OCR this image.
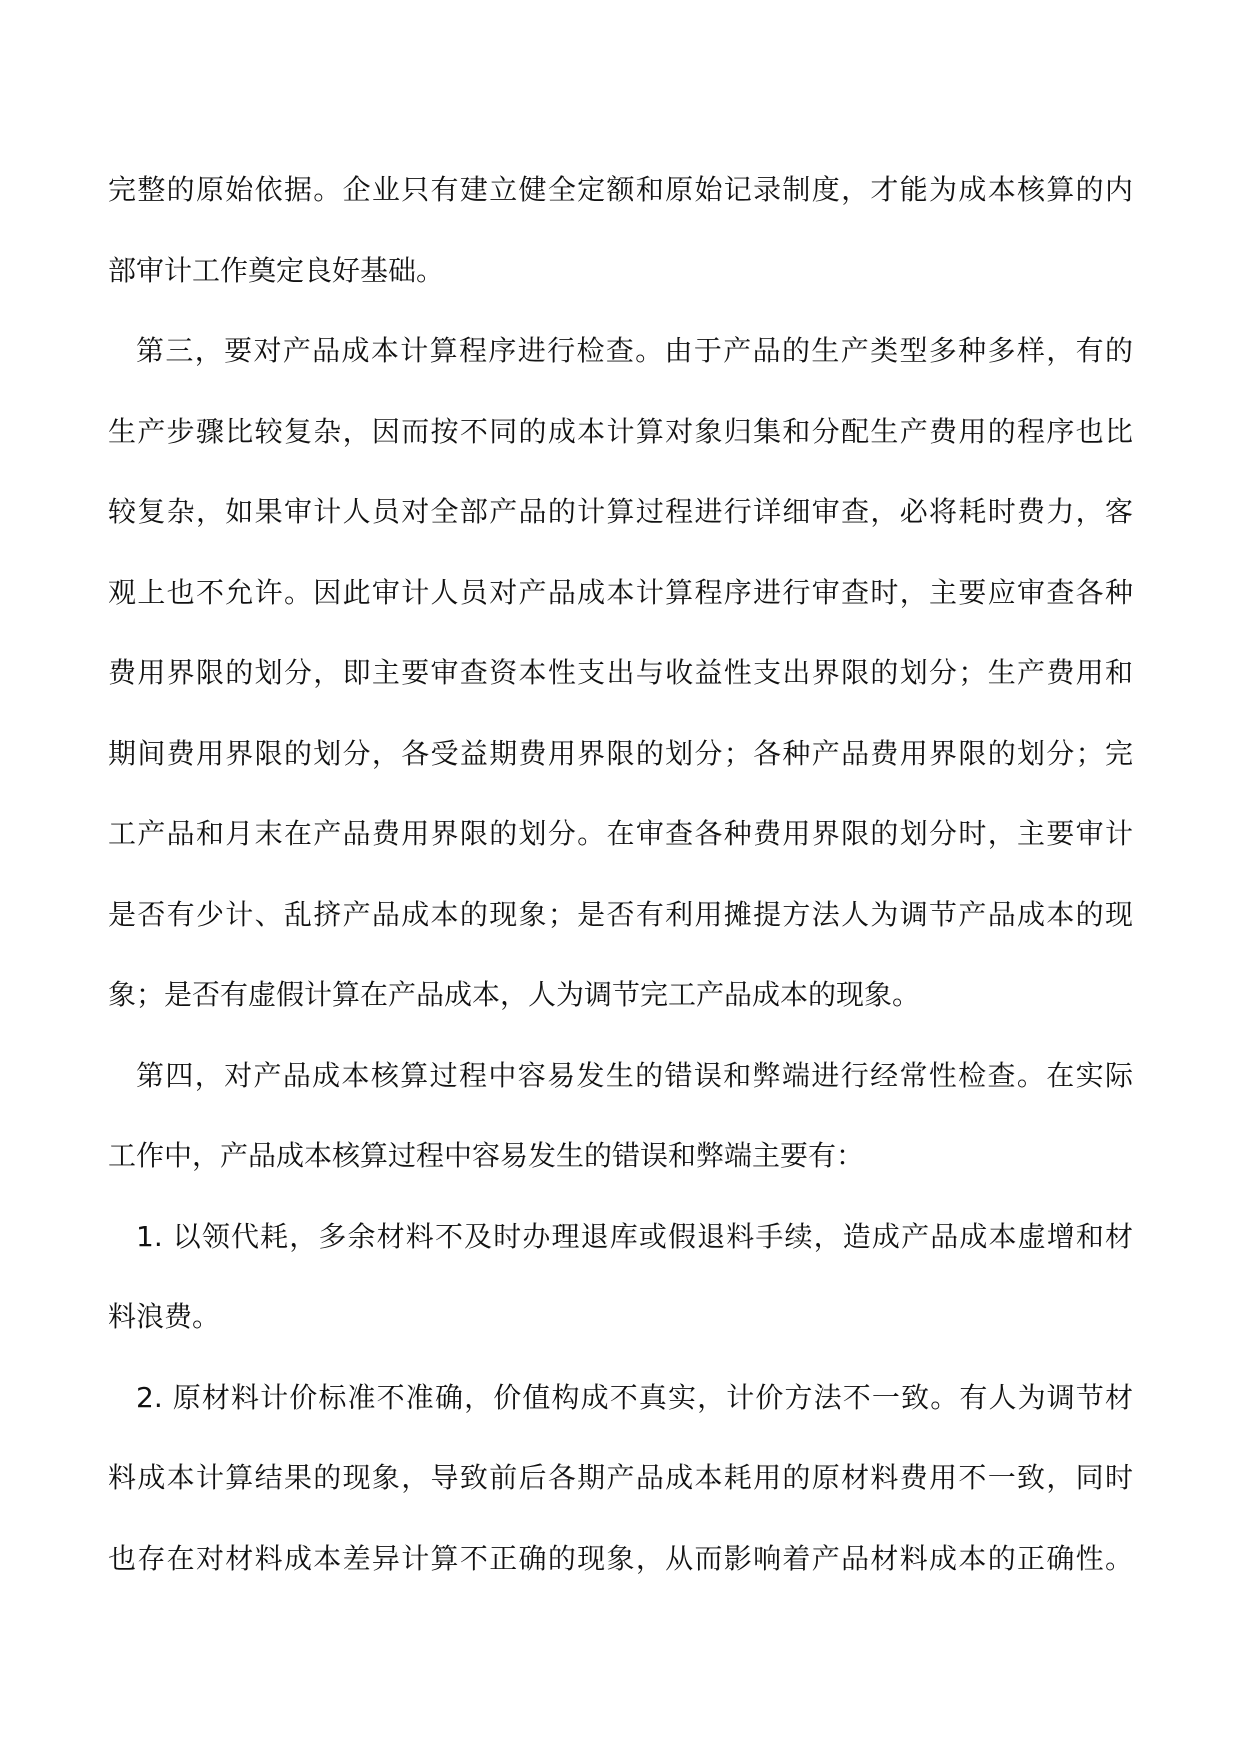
完整的原始依据。企业只有建立健全定额和原始记录制度，才能为成本核算的内

部审计工作奠定良好基础。

第三，要对产品成本计算程序进行检查。由于产品的生产类型多种多样，有的

生产步骤比较复杂，因而按不同的成本计算对象归集和分配生产费用的程序也比

较复杂，如果审计人员对全部产品的计算过程进行详细审查，必将耗时费力，客

观上也不允许。因此审计人员对产品成本计算程序进行审查时，主要应审查各种

费用界限的划分，即主要审查资本性支出与收益性支出界限的划分；生产费用和

期间费用界限的划分，各受益期费用界限的划分；各种产品费用界限的划分；完

工产品和月末在产品费用界限的划分。在审查各种费用界限的划分时，主要审计

是否有少计、乱挤产品成本的现象；是否有利用摊提方法人为调节产品成本的现

象；是否有虚假计算在产品成本，人为调节完工产品成本的现象。

第四，对产品成本核算过程中容易发生的错误和弊端进行经常性检查。在实际

工作中，产品成本核算过程中容易发生的错误和弊端主要有：

1. 以领代耗，多余材料不及时办理退库或假退料手续，造成产品成本虚增和材

料浪费。

2. 原材料计价标准不准确，价值构成不真实，计价方法不一致。有人为调节材

料成本计算结果的现象，导致前后各期产品成本耗用的原材料费用不一致，同时

也存在对材料成本差异计算不正确的现象，从而影响着产品材料成本的正确性。
